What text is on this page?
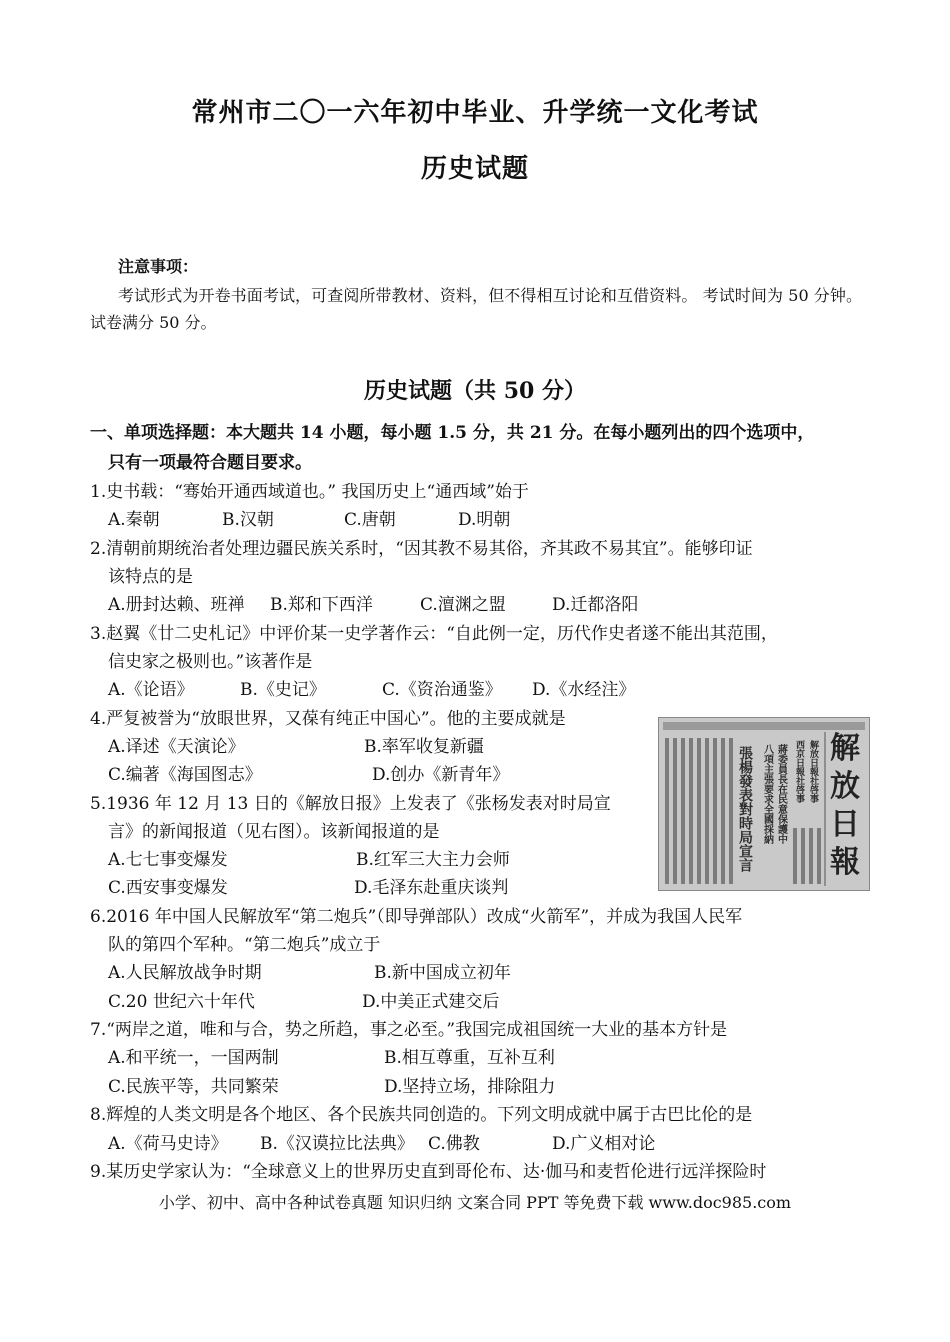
常州市二〇一六年初中毕业、升学统一文化考试
历史试题
注意事项：
考试形式为开卷书面考试，可查阅所带教材、资料，但不得相互讨论和互借资料。 考试时间为 50 分钟。试卷满分 50 分。
历史试题（共 50 分）
一、单项选择题：本大题共 14 小题，每小题 1.5 分，共 21 分。在每小题列出的四个选项中，
只有一项最符合题目要求。
1.史书载：“骞始开通西域道也。” 我国历史上“通西域”始于
A.秦朝	B.汉朝	C.唐朝	D.明朝
2.清朝前期统治者处理边疆民族关系时，“因其教不易其俗，齐其政不易其宜”。能够印证
该特点的是
A.册封达赖、班禅 B.郑和下西洋	C.澶渊之盟	D.迁都洛阳
3.赵翼《廿二史札记》中评价某一史学著作云：“自此例一定，历代作史者遂不能出其范围，
信史家之极则也。”该著作是
A.《论语》	B.《史记》	C.《资治通鉴》 D.《水经注》
4.严复被誉为“放眼世界，又葆有纯正中国心”。他的主要成就是
A.译述《天演论》	B.率军收复新疆
C.编著《海国图志》	D.创办《新青年》
5.1936 年 12 月 13 日的《解放日报》上发表了《张杨发表对时局宣
言》的新闻报道（见右图）。该新闻报道的是
A.七七事变爆发	B.红军三大主力会师
C.西安事变爆发	D.毛泽东赴重庆谈判
解
放
日
報
張楊發表對時局宣言 八項主張要求全國採納 蔣委員長在民意保護中 西京日報社啓事 解放日報社啓事
6.2016 年中国人民解放军“第二炮兵”（即导弹部队）改成“火箭军”，并成为我国人民军
队的第四个军种。“第二炮兵”成立于
A.人民解放战争时期	B.新中国成立初年
C.20 世纪六十年代	D.中美正式建交后
7.“两岸之道，唯和与合，势之所趋，事之必至。”我国完成祖国统一大业的基本方针是
A.和平统一，一国两制	B.相互尊重，互补互利
C.民族平等，共同繁荣	D.坚持立场，排除阻力
8.辉煌的人类文明是各个地区、各个民族共同创造的。下列文明成就中属于古巴比伦的是
A.《荷马史诗》 B.《汉谟拉比法典》 C.佛教	D.广义相对论
9.某历史学家认为：“全球意义上的世界历史直到哥伦布、达·伽马和麦哲伦进行远洋探险时
小学、初中、高中各种试卷真题 知识归纳 文案合同 PPT 等免费下载 www.doc985.com
